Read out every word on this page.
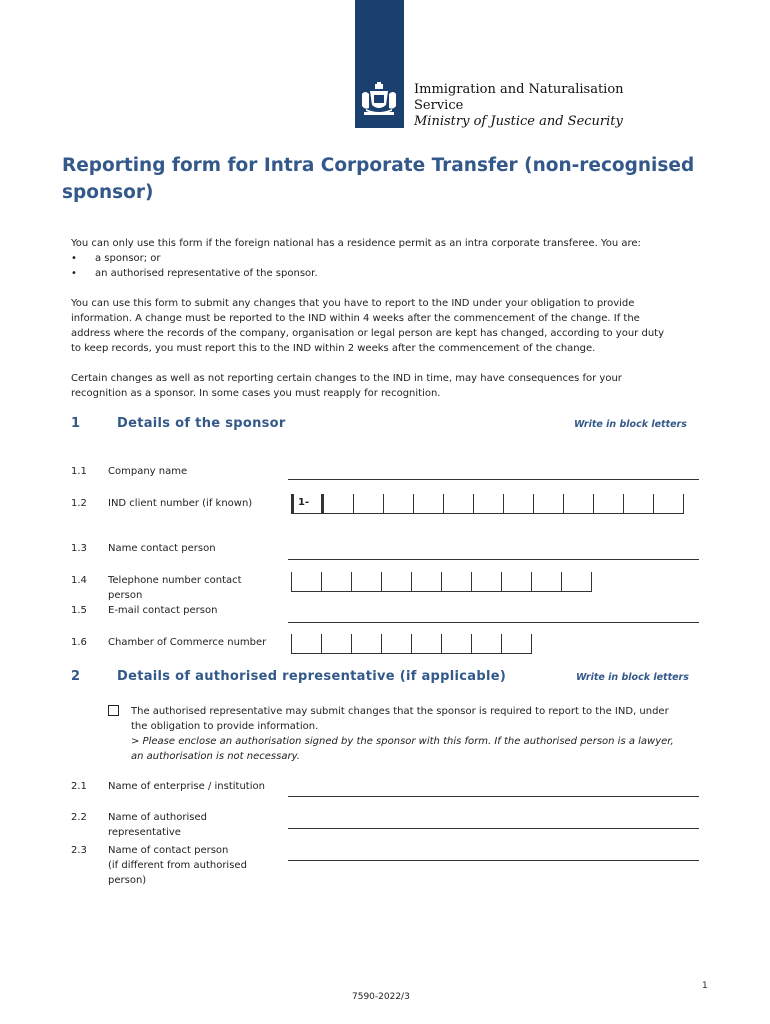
Immigration and Naturalisation
Service
Ministry of Justice and Security
Reporting form for Intra Corporate Transfer (non-recognised
sponsor)
You can only use this form if the foreign national has a residence permit as an intra corporate transferee. You are:
• a sponsor; or
• an authorised representative of the sponsor.

You can use this form to submit any changes that you have to report to the IND under your obligation to provide
information. A change must be reported to the IND within 4 weeks after the commencement of the change. If the
address where the records of the company, organisation or legal person are kept has changed, according to your duty
to keep records, you must report this to the IND within 2 weeks after the commencement of the change.

Certain changes as well as not reporting certain changes to the IND in time, may have consequences for your
recognition as a sponsor. In some cases you must reapply for recognition.

1	Details of the sponsor	Write in block letters
1.1 Company name
1.2 IND client number (if known)	1-
1.3 Name contact person
1.4 Telephone number contact
person
1.5 E-mail contact person
1.6 Chamber of Commerce number
2	Details of authorised representative (if applicable)	Write in block letters
The authorised representative may submit changes that the sponsor is required to report to the IND, under
the obligation to provide information.
> Please enclose an authorisation signed by the sponsor with this form. If the authorised person is a lawyer,
an authorisation is not necessary.
2.1 Name of enterprise / institution
2.2 Name of authorised
representative
2.3 Name of contact person
(if different from authorised
person)
1
7590-2022/3
